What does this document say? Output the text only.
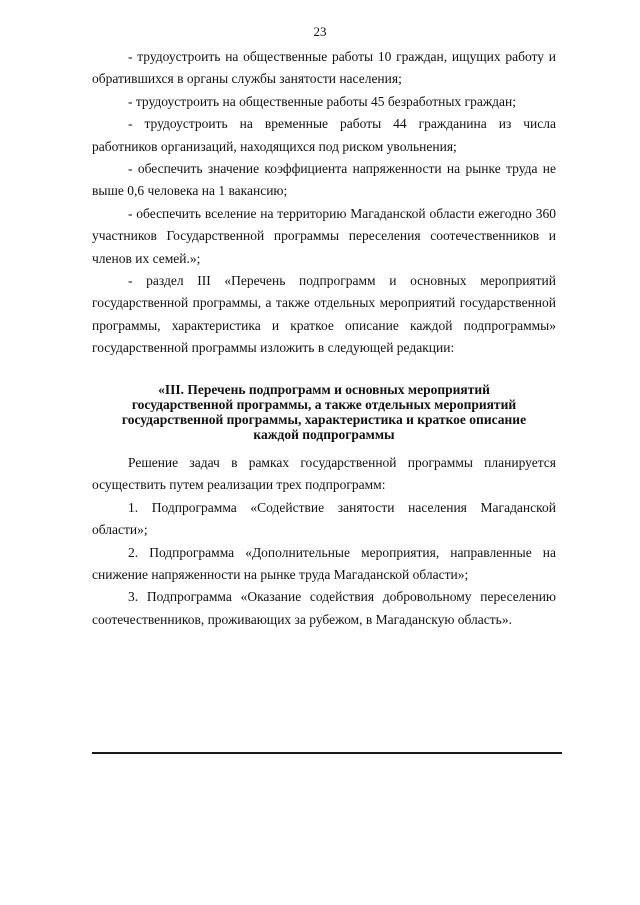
23

- трудоустроить на общественные работы 10 граждан, ищущих работу и обратившихся в органы службы занятости населения;

- трудоустроить на общественные работы 45 безработных граждан;

- трудоустроить на временные работы 44 гражданина из числа работников организаций, находящихся под риском увольнения;

- обеспечить значение коэффициента напряженности на рынке труда не выше 0,6 человека на 1 вакансию;

- обеспечить вселение на территорию Магаданской области ежегодно 360 участников Государственной программы переселения соотечественников и членов их семей.»;

- раздел III «Перечень подпрограмм и основных мероприятий государственной программы, а также отдельных мероприятий государственной программы, характеристика и краткое описание каждой подпрограммы» государственной программы изложить в следующей редакции:

«III. Перечень подпрограмм и основных мероприятий
государственной программы, а также отдельных мероприятий
государственной программы, характеристика и краткое описание
каждой подпрограммы

Решение задач в рамках государственной программы планируется осуществить путем реализации трех подпрограмм:

1. Подпрограмма «Содействие занятости населения Магаданской области»;

2. Подпрограмма «Дополнительные мероприятия, направленные на снижение напряженности на рынке труда Магаданской области»;

3. Подпрограмма «Оказание содействия добровольному переселению соотечественников, проживающих за рубежом, в Магаданскую область».
